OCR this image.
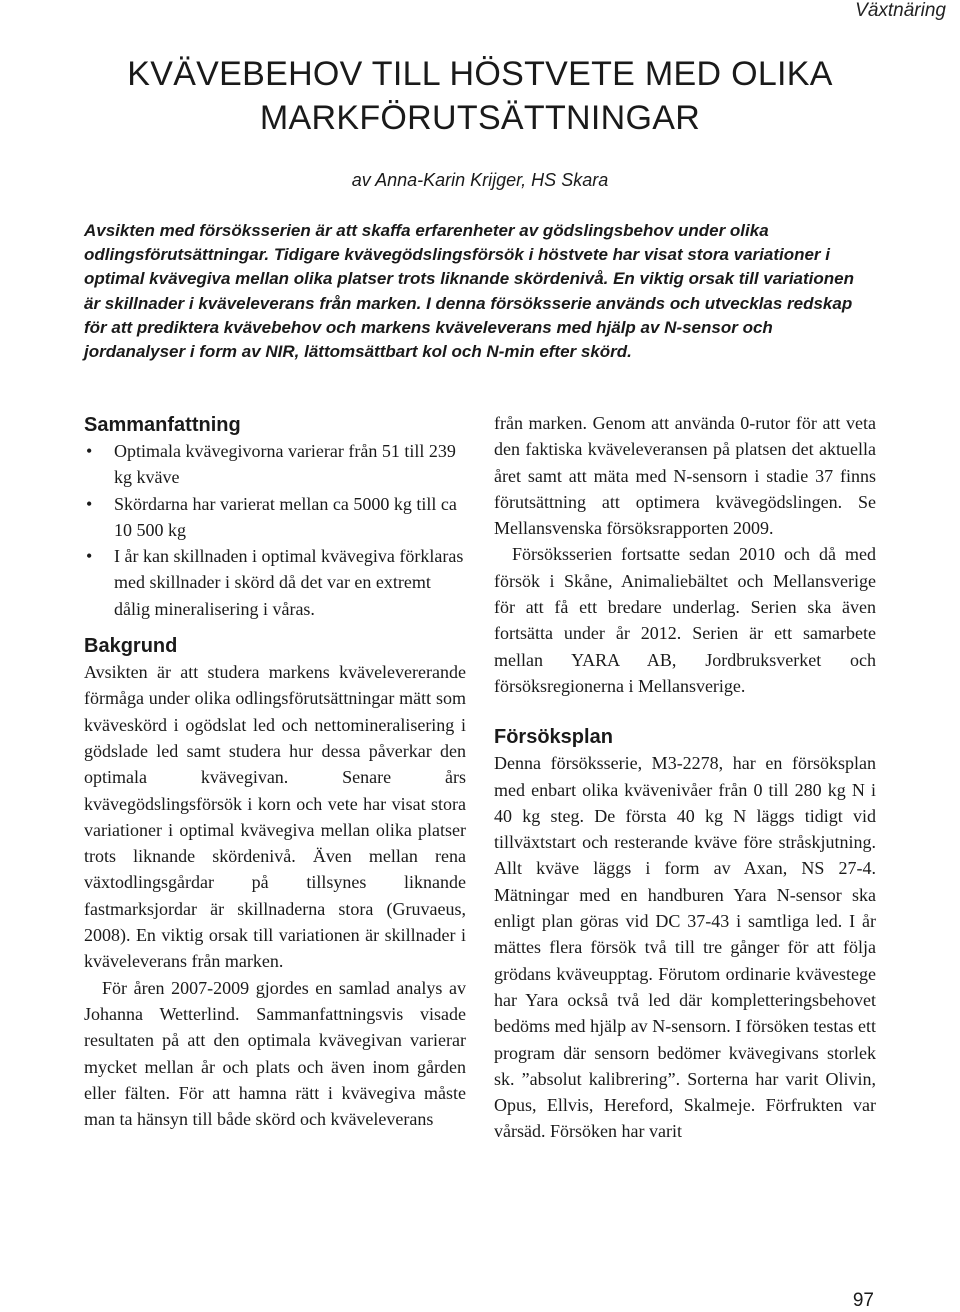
Växtnäring
KVÄVEBEHOV TILL HÖSTVETE MED OLIKA MARKFÖRUTSÄTTNINGAR
av Anna-Karin Krijger, HS Skara

Avsikten med försöksserien är att skaffa erfarenheter av gödslingsbehov under olika odlingsförutsättningar. Tidigare kvävegödslingsförsök i höstvete har visat stora variationer i optimal kvävegiva mellan olika platser trots liknande skördenivå. En viktig orsak till variationen är skillnader i kväveleverans från marken. I denna försöksserie används och utvecklas redskap för att prediktera kvävebehov och markens kväveleverans med hjälp av N-sensor och jordanalyser i form av NIR, lättomsättbart kol och N-min efter skörd.

Sammanfattning
• Optimala kvävegivorna varierar från 51 till 239 kg kväve
• Skördarna har varierat mellan ca 5000 kg till ca 10 500 kg
• I år kan skillnaden i optimal kvävegiva förklaras med skillnader i skörd då det var en extremt dålig mineralisering i våras.
Bakgrund

Avsikten är att studera markens kvävelevererande förmåga under olika odlingsförutsättningar mätt som kväveskörd i ogödslat led och nettomineralisering i gödslade led samt studera hur dessa påverkar den optimala kvävegivan. Senare års kvävegödslingsförsök i korn och vete har visat stora variationer i optimal kvävegiva mellan olika platser trots liknande skördenivå. Även mellan rena växtodlingsgårdar på tillsynes liknande fastmarksjordar är skillnaderna stora (Gruvaeus, 2008). En viktig orsak till variationen är skillnader i kväveleverans från marken.

För åren 2007-2009 gjordes en samlad analys av Johanna Wetterlind. Sammanfattningsvis visade resultaten på att den optimala kvävegivan varierar mycket mellan år och plats och även inom gården eller fälten. För att hamna rätt i kvävegiva måste man ta hänsyn till både skörd och kväveleverans

från marken. Genom att använda 0-rutor för att veta den faktiska kväveleveransen på platsen det aktuella året samt att mäta med N-sensorn i stadie 37 finns förutsättning att optimera kvävegödslingen. Se Mellansvenska försöksrapporten 2009.

Försöksserien fortsatte sedan 2010 och då med försök i Skåne, Animaliebältet och Mellansverige för att få ett bredare underlag. Serien ska även fortsätta under år 2012. Serien är ett samarbete mellan YARA AB, Jordbruksverket och försöksregionerna i Mellansverige.

Försöksplan

Denna försöksserie, M3-2278, har en försöksplan med enbart olika kvävenivåer från 0 till 280 kg N i 40 kg steg. De första 40 kg N läggs tidigt vid tillväxtstart och resterande kväve före stråskjutning. Allt kväve läggs i form av Axan, NS 27-4. Mätningar med en handburen Yara N-sensor ska enligt plan göras vid DC 37-43 i samtliga led. I år mättes flera försök två till tre gånger för att följa grödans kväveupptag. Förutom ordinarie kvävestege har Yara också två led där kompletteringsbehovet bedöms med hjälp av N-sensorn. I försöken testas ett program där sensorn bedömer kvävegivans storlek sk. ”absolut kalibrering”. Sorterna har varit Olivin, Opus, Ellvis, Hereford, Skalmeje. Förfrukten var vårsäd. Försöken har varit

97
